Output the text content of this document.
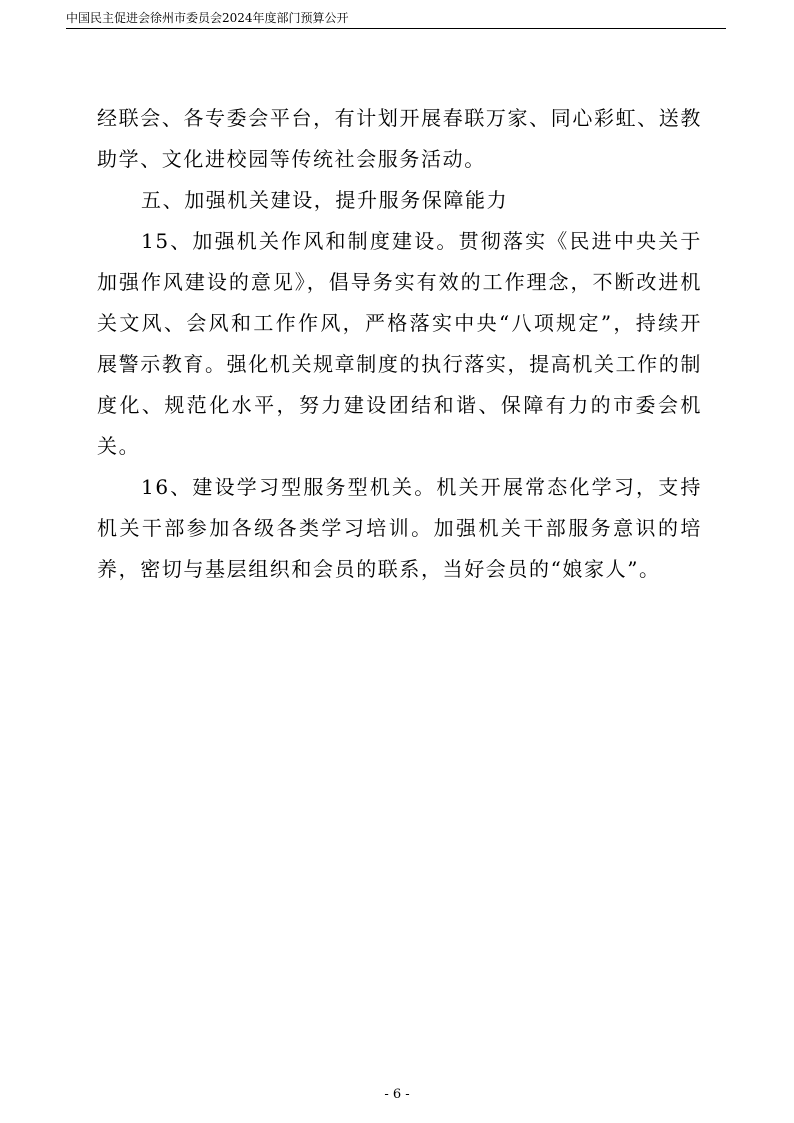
中国民主促进会徐州市委员会2024年度部门预算公开

经联会、各专委会平台，有计划开展春联万家、同心彩虹、送教助学、文化进校园等传统社会服务活动。

五、加强机关建设，提升服务保障能力

15、加强机关作风和制度建设。贯彻落实《民进中央关于加强作风建设的意见》，倡导务实有效的工作理念，不断改进机关文风、会风和工作作风，严格落实中央“八项规定”，持续开展警示教育。强化机关规章制度的执行落实，提高机关工作的制度化、规范化水平，努力建设团结和谐、保障有力的市委会机关。

16、建设学习型服务型机关。机关开展常态化学习，支持机关干部参加各级各类学习培训。加强机关干部服务意识的培养，密切与基层组织和会员的联系，当好会员的“娘家人”。

- 6 -
